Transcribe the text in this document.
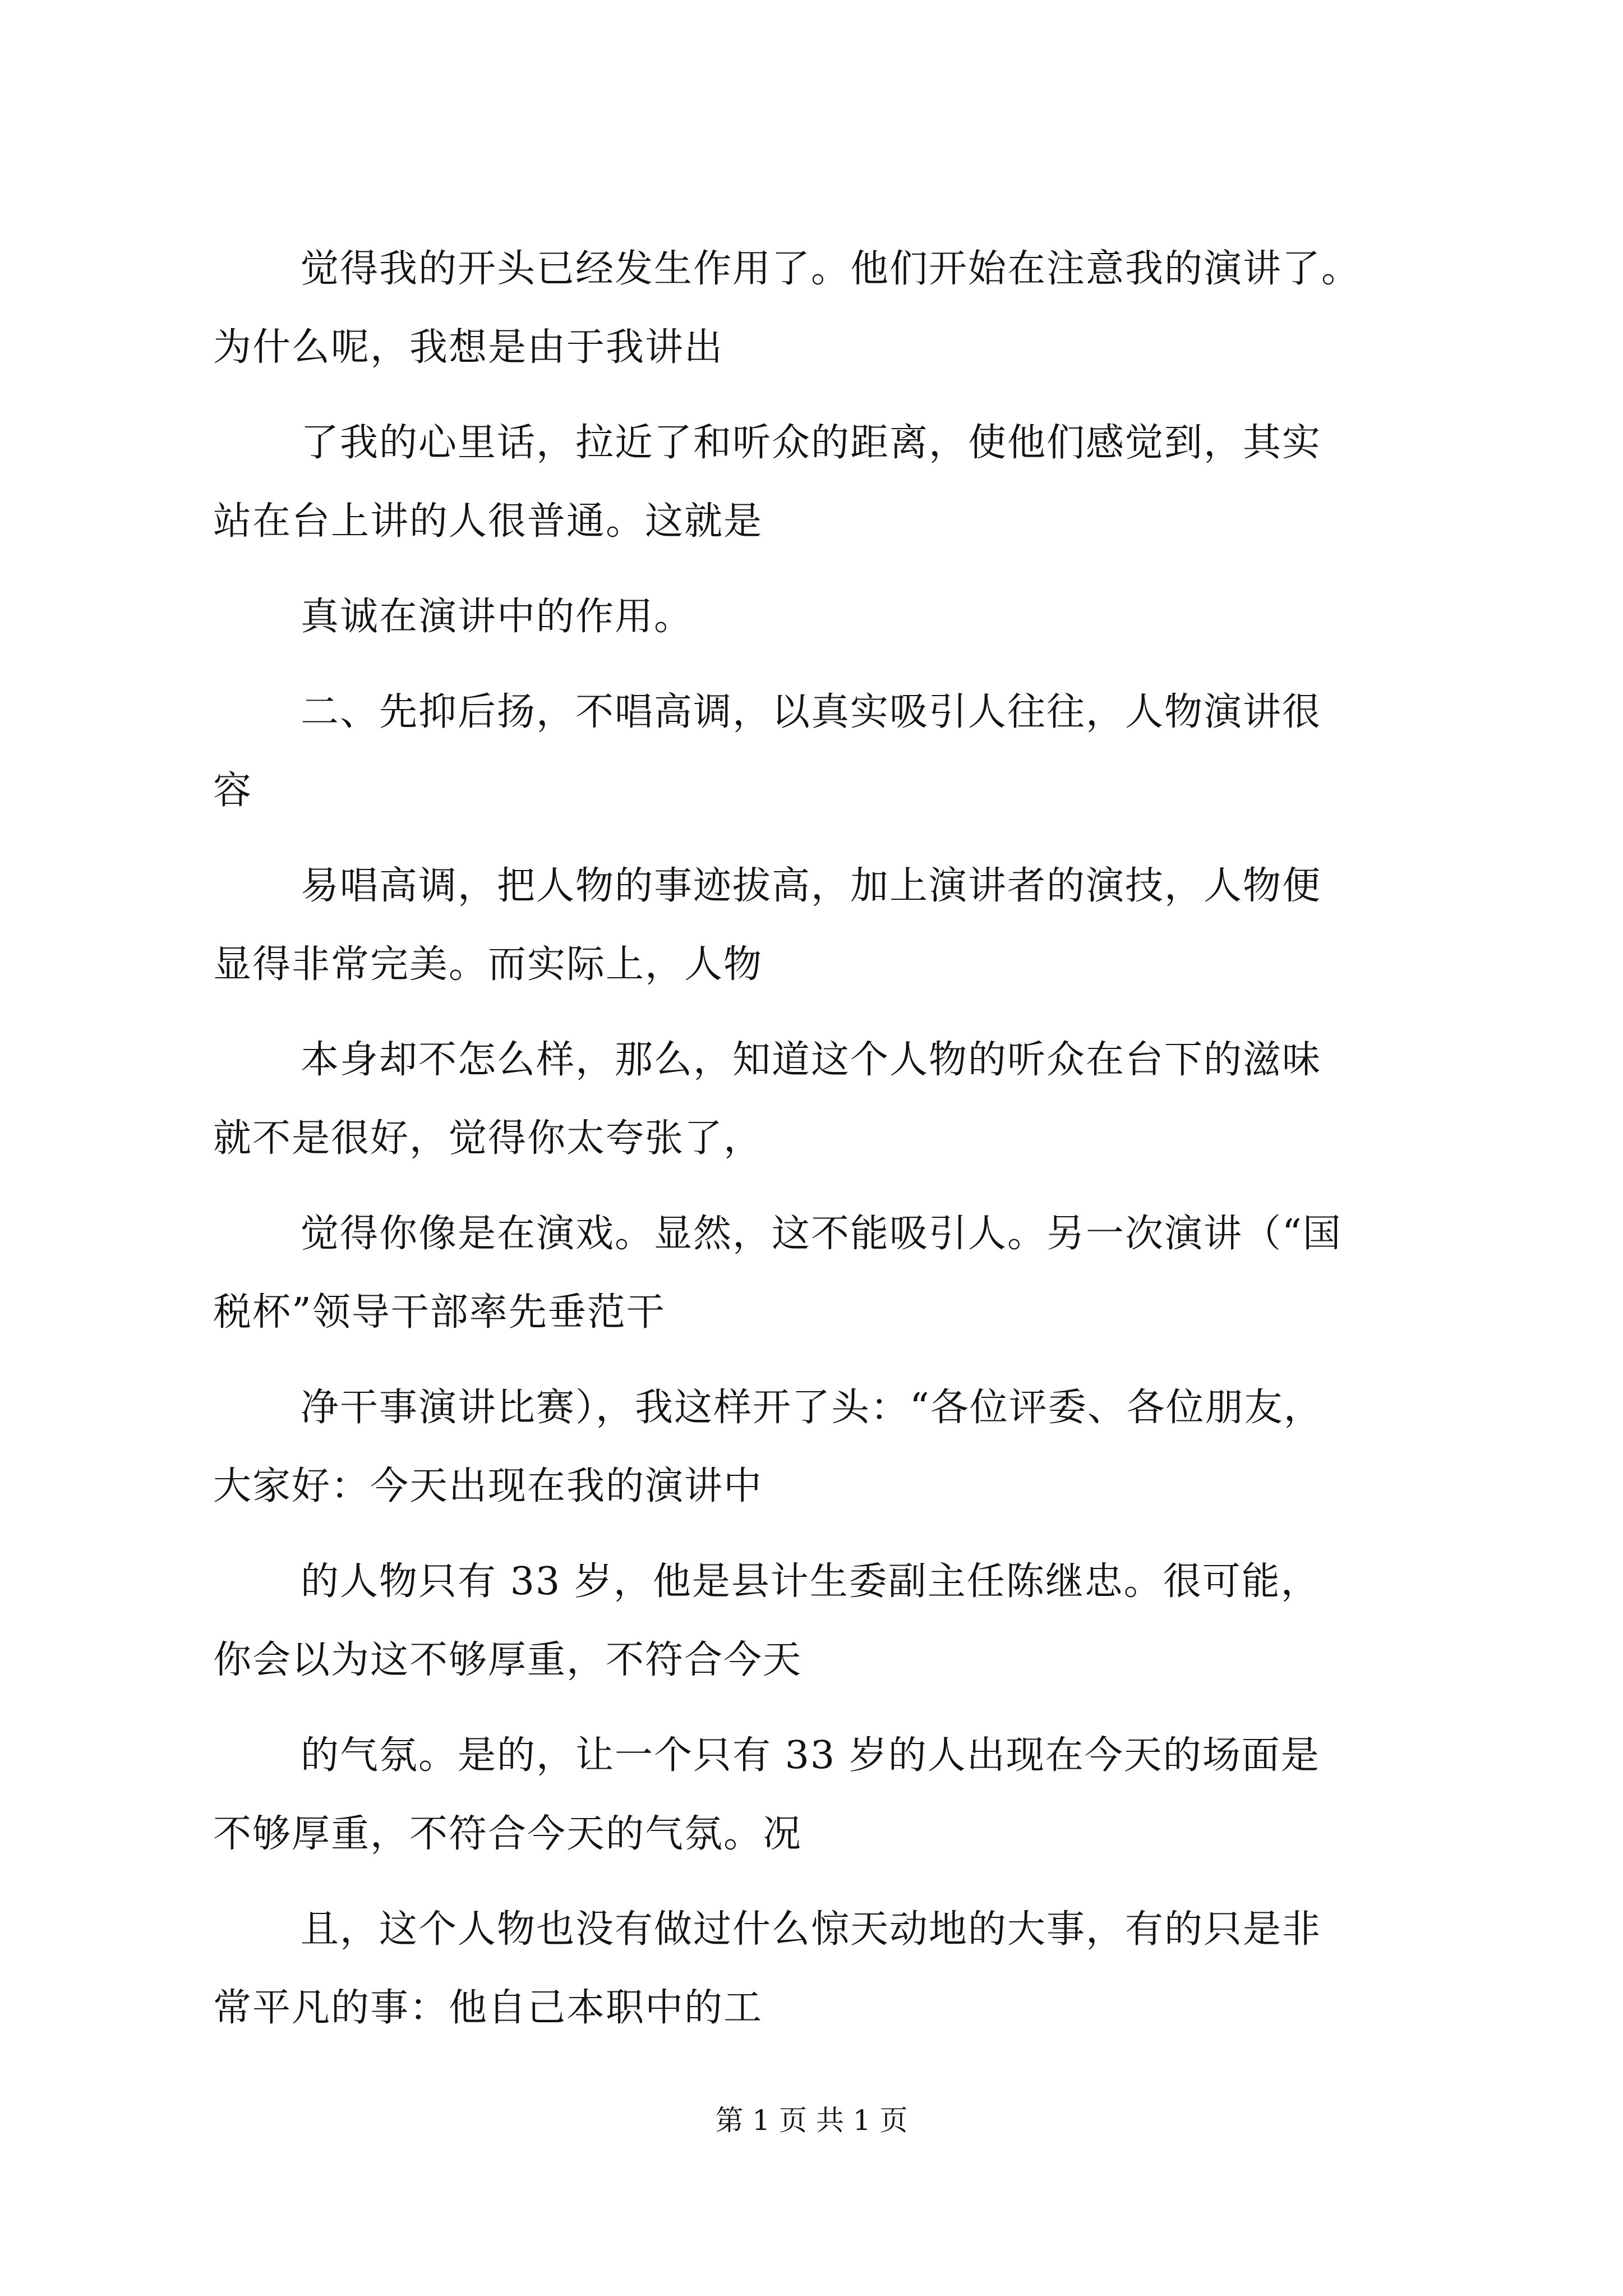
觉得我的开头已经发生作用了。他们开始在注意我的演讲了。
为什么呢，我想是由于我讲出

了我的心里话，拉近了和听众的距离，使他们感觉到，其实
站在台上讲的人很普通。这就是

真诚在演讲中的作用。

二、先抑后扬，不唱高调，以真实吸引人往往，人物演讲很
容

易唱高调，把人物的事迹拔高，加上演讲者的演技，人物便
显得非常完美。而实际上，人物

本身却不怎么样，那么，知道这个人物的听众在台下的滋味
就不是很好，觉得你太夸张了，

觉得你像是在演戏。显然，这不能吸引人。另一次演讲（“国
税杯”领导干部率先垂范干

净干事演讲比赛），我这样开了头：“各位评委、各位朋友，
大家好：今天出现在我的演讲中

的人物只有 33 岁，他是县计生委副主任陈继忠。很可能，
你会以为这不够厚重，不符合今天

的气氛。是的，让一个只有 33 岁的人出现在今天的场面是
不够厚重，不符合今天的气氛。况

且，这个人物也没有做过什么惊天动地的大事，有的只是非
常平凡的事：他自己本职中的工

第 1 页 共 1 页
